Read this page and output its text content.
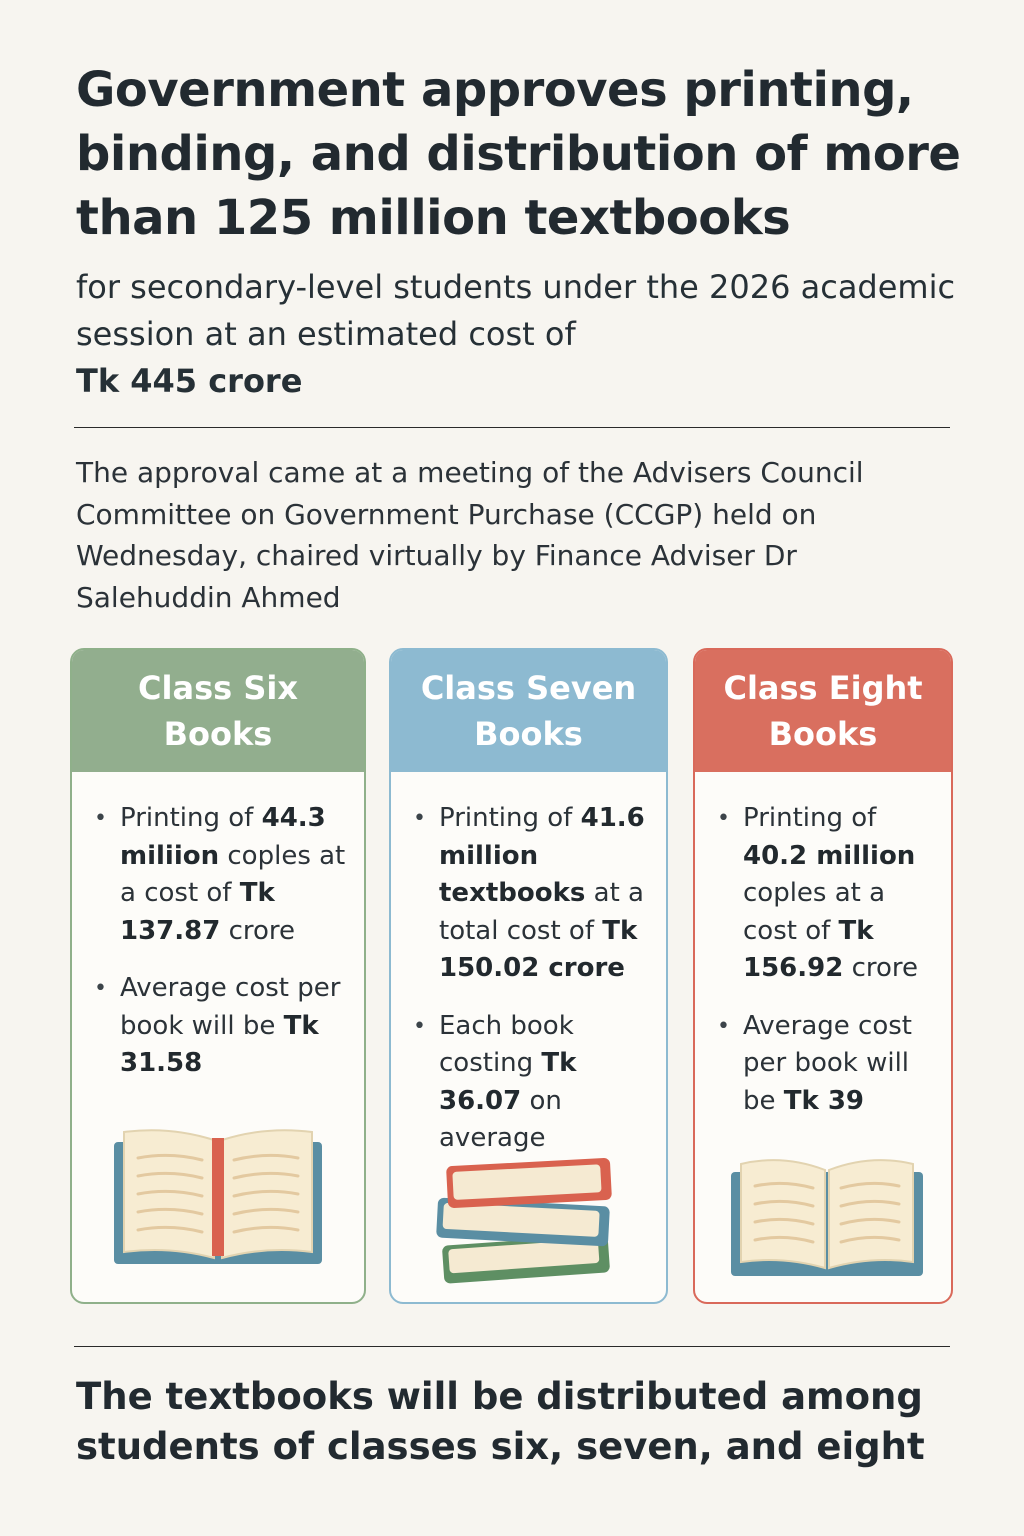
Government approves printing, binding, and distribution of more than 125 million textbooks

for secondary-level students under the 2026 academic session at an estimated cost of
Tk 445 crore

The approval came at a meeting of the Advisers Council Committee on Government Purchase (CCGP) held on Wednesday, chaired virtually by Finance Adviser Dr Salehuddin Ahmed

Class Six Books
• Printing of 44.3 miliion coples at a cost of Tk 137.87 crore
• Average cost per book will be Tk 31.58
Class Seven Books
• Printing of 41.6 million textbooks at a total cost of Tk 150.02 crore
• Each book costing Tk 36.07 on average
Class Eight Books
• Printing of 40.2 million coples at a cost of Tk 156.92 crore
• Average cost per book will be Tk 39

The textbooks will be distributed among students of classes six, seven, and eight
